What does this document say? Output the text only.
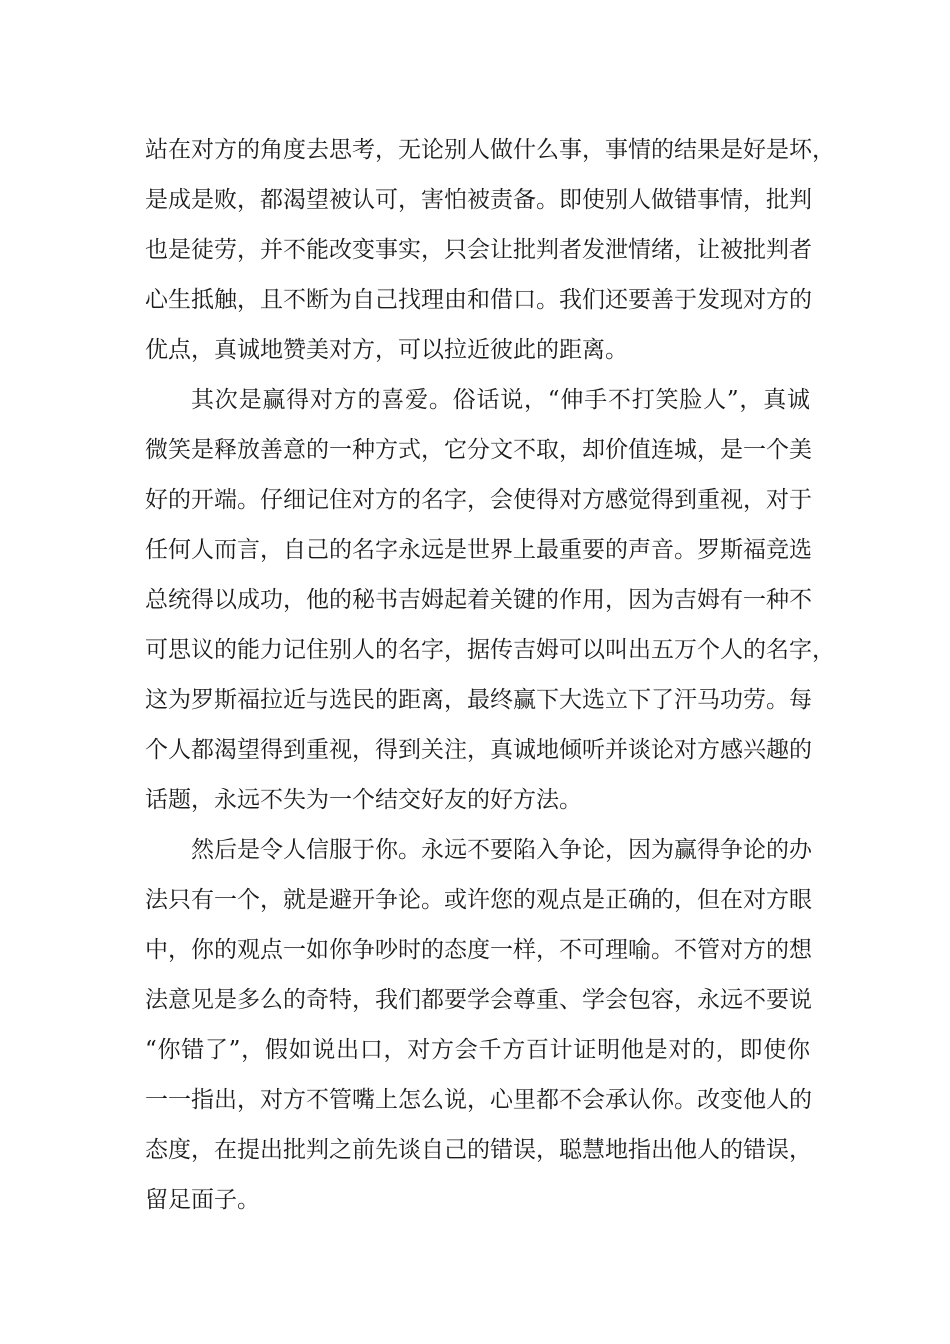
站在对方的角度去思考，无论别人做什么事，事情的结果是好是坏，
是成是败，都渴望被认可，害怕被责备。即使别人做错事情，批判
也是徒劳，并不能改变事实，只会让批判者发泄情绪，让被批判者
心生抵触，且不断为自己找理由和借口。我们还要善于发现对方的
优点，真诚地赞美对方，可以拉近彼此的距离。
其次是赢得对方的喜爱。俗话说，“伸手不打笑脸人”，真诚
微笑是释放善意的一种方式，它分文不取，却价值连城，是一个美
好的开端。仔细记住对方的名字，会使得对方感觉得到重视，对于
任何人而言，自己的名字永远是世界上最重要的声音。罗斯福竞选
总统得以成功，他的秘书吉姆起着关键的作用，因为吉姆有一种不
可思议的能力记住别人的名字，据传吉姆可以叫出五万个人的名字，
这为罗斯福拉近与选民的距离，最终赢下大选立下了汗马功劳。每
个人都渴望得到重视，得到关注，真诚地倾听并谈论对方感兴趣的
话题，永远不失为一个结交好友的好方法。
然后是令人信服于你。永远不要陷入争论，因为赢得争论的办
法只有一个，就是避开争论。或许您的观点是正确的，但在对方眼
中，你的观点一如你争吵时的态度一样，不可理喻。不管对方的想
法意见是多么的奇特，我们都要学会尊重、学会包容，永远不要说
“你错了”，假如说出口，对方会千方百计证明他是对的，即使你
一一指出，对方不管嘴上怎么说，心里都不会承认你。改变他人的
态度，在提出批判之前先谈自己的错误，聪慧地指出他人的错误，
留足面子。
